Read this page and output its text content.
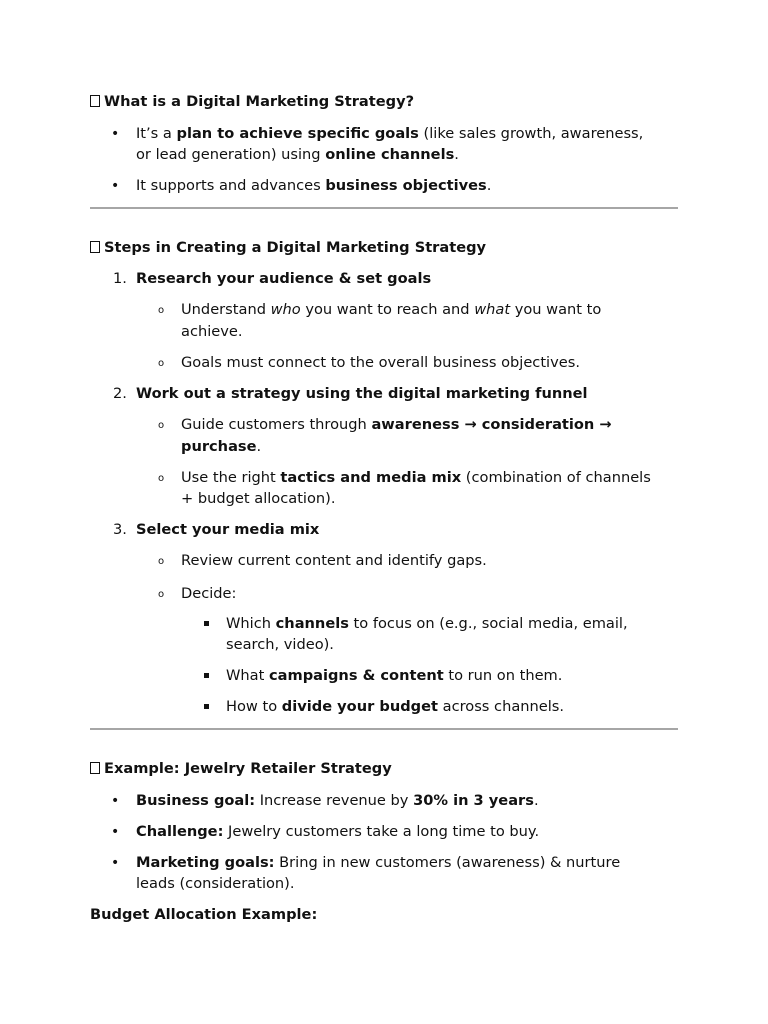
What is a Digital Marketing Strategy?
• It’s a plan to achieve specific goals (like sales growth, awareness,
or lead generation) using online channels.
• It supports and advances business objectives.
Steps in Creating a Digital Marketing Strategy
1. Research your audience & set goals
o Understand who you want to reach and what you want to
achieve.
o Goals must connect to the overall business objectives.
2. Work out a strategy using the digital marketing funnel
o Guide customers through awareness → consideration →
purchase.
o Use the right tactics and media mix (combination of channels
+ budget allocation).
3. Select your media mix
o Review current content and identify gaps.
o Decide:
Which channels to focus on (e.g., social media, email,
search, video).
What campaigns & content to run on them.
How to divide your budget across channels.
Example: Jewelry Retailer Strategy
• Business goal: Increase revenue by 30% in 3 years.
• Challenge: Jewelry customers take a long time to buy.
• Marketing goals: Bring in new customers (awareness) & nurture
leads (consideration).
Budget Allocation Example:
